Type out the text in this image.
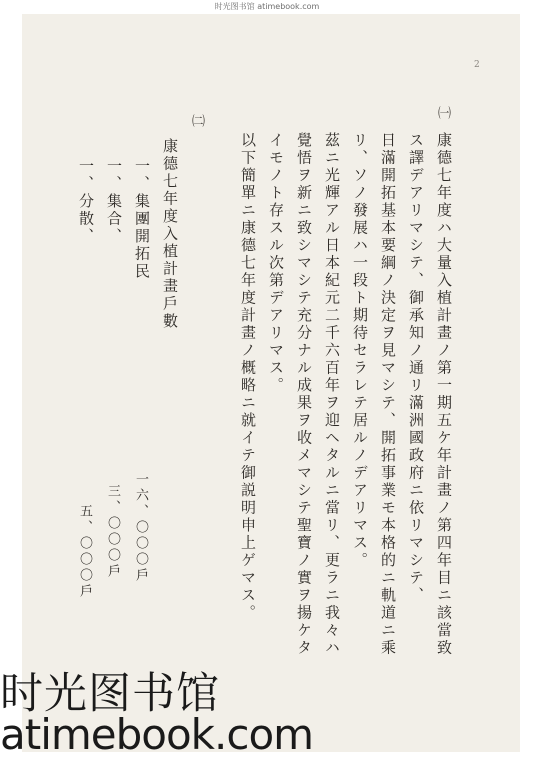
时光图书馆 atimebook.com
2
㈠
康德七年度ハ大量入植計畫ノ第一期五ケ年計畫ノ第四年目ニ該當致
ス譯デアリマシテ、御承知ノ通リ滿洲國政府ニ依リマシテ、
日滿開拓基本要綱ノ決定ヲ見マシテ、開拓事業モ本格的ニ軌道ニ乘
リ、ソノ發展ハ一段ト期待セラレテ居ルノデアリマス。
茲ニ光輝アル日本紀元二千六百年ヲ迎ヘタルニ當リ、更ラニ我々ハ
覺悟ヲ新ニ致シマシテ充分ナル成果ヲ收メマシテ聖寶ノ實ヲ揚ケタ
イモノト存スル次第デアリマス。
以下簡單ニ康德七年度計畫ノ概略ニ就イテ御説明申上ゲマス。
㈡
康德七年度入植計畫戶數
一、集團開拓民
一、集合、
一、分散、
一六、〇〇〇戶
三、〇〇〇戶
五、〇〇〇戶
时光图书馆
atimebook.com
